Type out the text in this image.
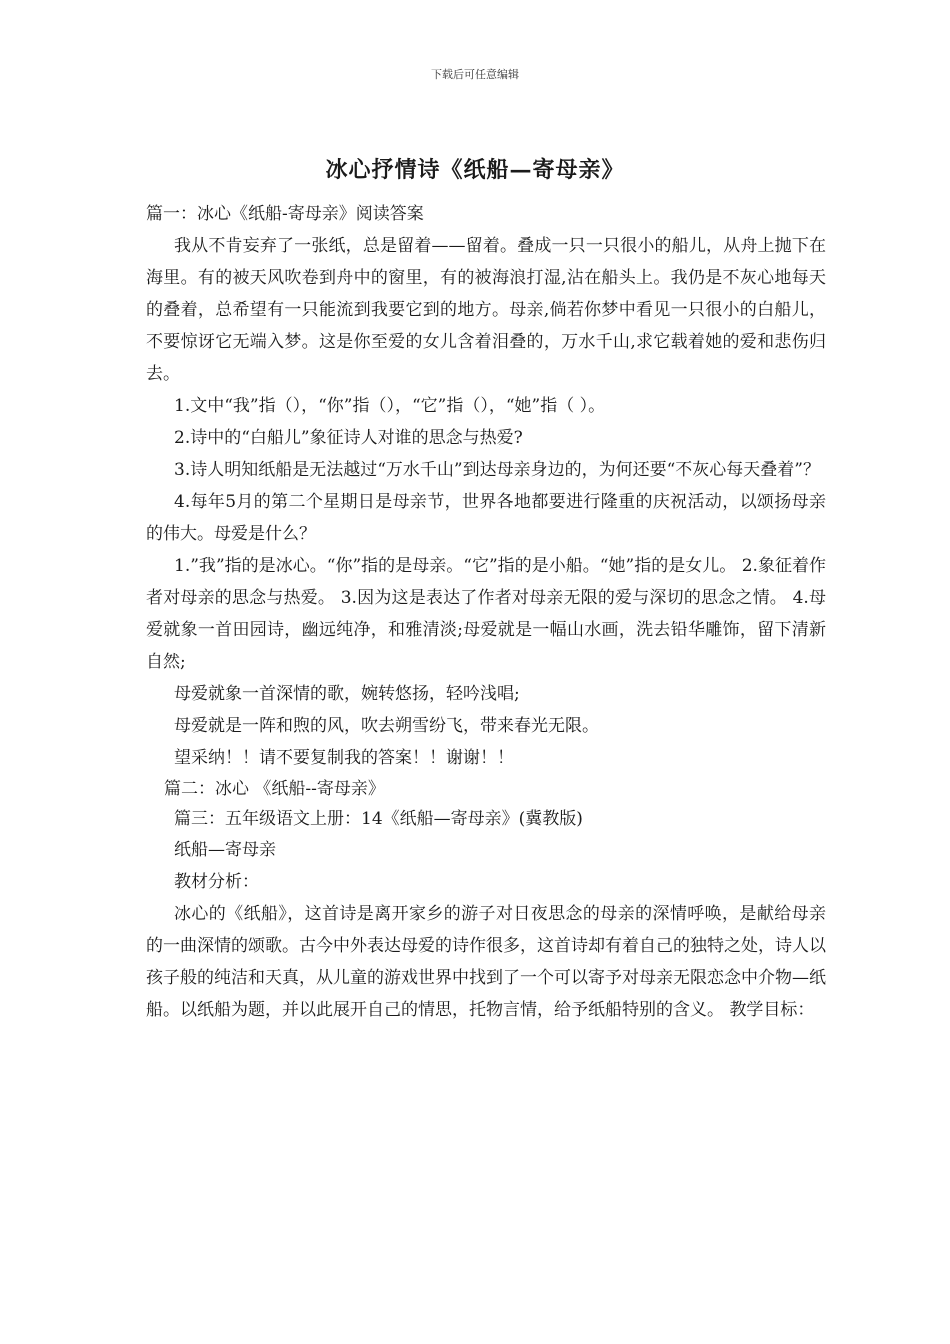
下载后可任意编辑
冰心抒情诗《纸船—寄母亲》

篇一：冰心《纸船-寄母亲》阅读答案

我从不肯妄弃了一张纸，总是留着——留着。叠成一只一只很小的船儿，从舟上抛下在海里。有的被天风吹卷到舟中的窗里，有的被海浪打湿,沾在船头上。我仍是不灰心地每天的叠着，总希望有一只能流到我要它到的地方。母亲,倘若你梦中看见一只很小的白船儿，不要惊讶它无端入梦。这是你至爱的女儿含着泪叠的，万水千山,求它载着她的爱和悲伤归去。

1.文中“我”指（），“你”指（），“它”指（），“她”指（ ）。

2.诗中的“白船儿”象征诗人对谁的思念与热爱?

3.诗人明知纸船是无法越过“万水千山”到达母亲身边的，为何还要“不灰心每天叠着”？

4.每年5月的第二个星期日是母亲节，世界各地都要进行隆重的庆祝活动，以颂扬母亲的伟大。母爱是什么？

1.”我”指的是冰心。“你”指的是母亲。“它”指的是小船。“她”指的是女儿。 2.象征着作者对母亲的思念与热爱。 3.因为这是表达了作者对母亲无限的爱与深切的思念之情。 4.母爱就象一首田园诗，幽远纯净，和雅清淡;母爱就是一幅山水画，洗去铅华雕饰，留下清新自然;

母爱就象一首深情的歌，婉转悠扬，轻吟浅唱;

母爱就是一阵和煦的风，吹去朔雪纷飞，带来春光无限。

望采纳！！请不要复制我的答案！！谢谢！！

篇二：冰心 《纸船--寄母亲》

篇三：五年级语文上册：14《纸船—寄母亲》(冀教版)

纸船—寄母亲

教材分析：

冰心的《纸船》，这首诗是离开家乡的游子对日夜思念的母亲的深情呼唤，是献给母亲的一曲深情的颂歌。古今中外表达母爱的诗作很多，这首诗却有着自己的独特之处，诗人以孩子般的纯洁和天真，从儿童的游戏世界中找到了一个可以寄予对母亲无限恋念中介物—纸船。以纸船为题，并以此展开自己的情思，托物言情，给予纸船特别的含义。 教学目标：
